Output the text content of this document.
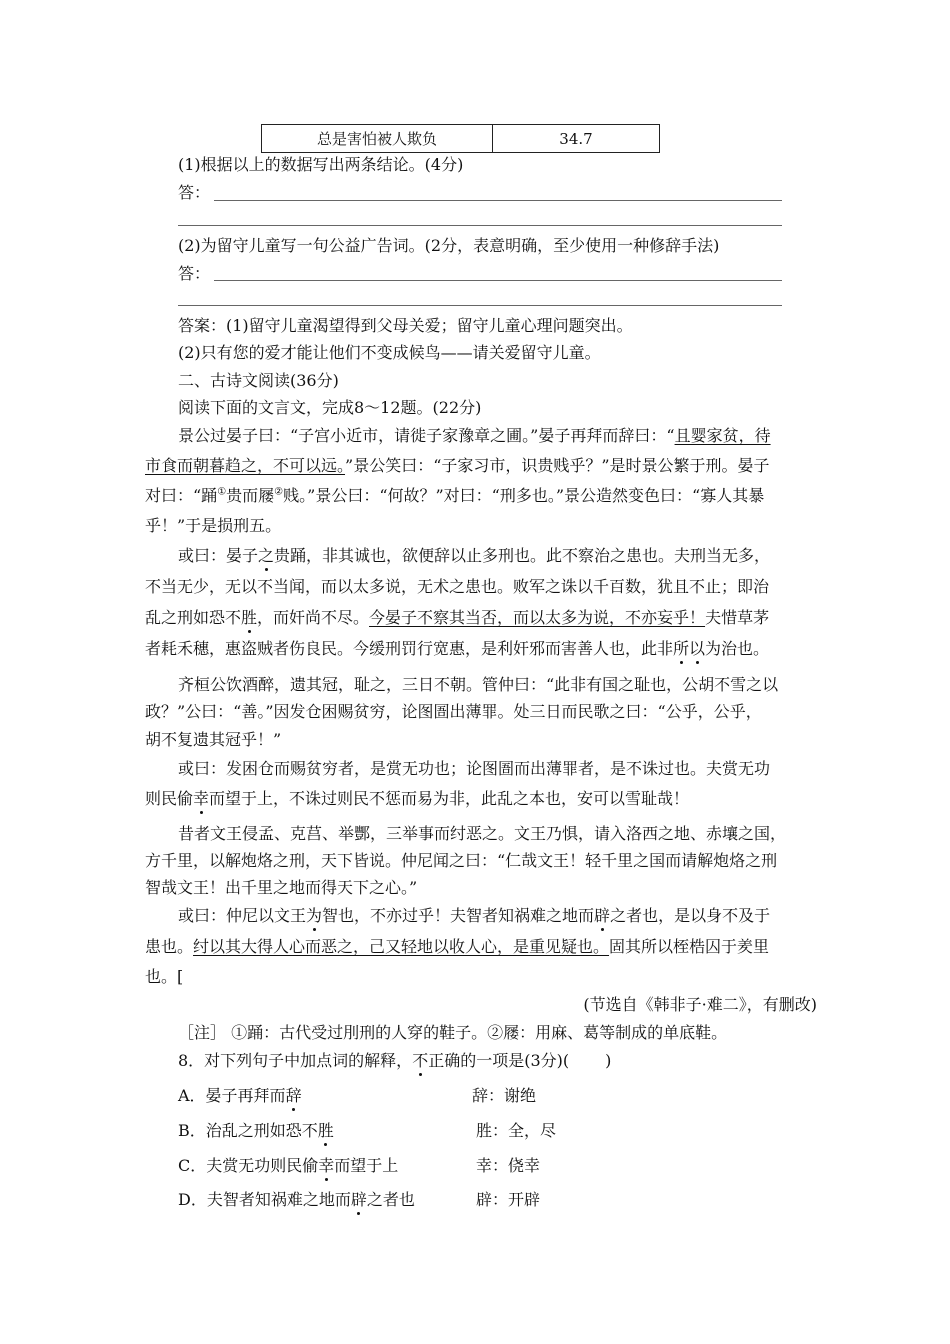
总是害怕被人欺负	34.7
(1)根据以上的数据写出两条结论。(4分)
答：
(2)为留守儿童写一句公益广告词。(2分，表意明确，至少使用一种修辞手法)
答：
答案：(1)留守儿童渴望得到父母关爱；留守儿童心理问题突出。
(2)只有您的爱才能让他们不变成候鸟——请关爱留守儿童。
二、古诗文阅读(36分)
阅读下面的文言文，完成8～12题。(22分)
景公过晏子曰：“子宫小近市，请徙子家豫章之圃。”晏子再拜而辞曰：“且婴家贫，待
市食而朝暮趋之，不可以远。”景公笑曰：“子家习市，识贵贱乎？”是时景公繁于刑。晏子
对曰：“踊①贵而屦②贱。”景公曰：“何故？”对曰：“刑多也。”景公造然变色曰：“寡人其暴
乎！”于是损刑五。
或曰：晏子之贵踊，非其诚也，欲便辞以止多刑也。此不察治之患也。夫刑当无多，
不当无少，无以不当闻，而以太多说，无术之患也。败军之诛以千百数，犹且不止；即治
乱之刑如恐不胜，而奸尚不尽。今晏子不察其当否，而以太多为说，不亦妄乎！夫惜草茅
者耗禾穗，惠盗贼者伤良民。今缓刑罚行宽惠，是利奸邪而害善人也，此非所以为治也。
齐桓公饮酒醉，遗其冠，耻之，三日不朝。管仲曰：“此非有国之耻也，公胡不雪之以
政？”公曰：“善。”因发仓困赐贫穷，论图圄出薄罪。处三日而民歌之曰：“公乎，公乎，
胡不复遗其冠乎！”
或曰：发困仓而赐贫穷者，是赏无功也；论图圄而出薄罪者，是不诛过也。夫赏无功
则民偷幸而望于上，不诛过则民不惩而易为非，此乱之本也，安可以雪耻哉！
昔者文王侵孟、克莒、举酆，三举事而纣恶之。文王乃惧，请入洛西之地、赤壤之国，
方千里，以解炮烙之刑，天下皆说。仲尼闻之曰：“仁哉文王！轻千里之国而请解炮烙之刑
智哉文王！出千里之地而得天下之心。”
或曰：仲尼以文王为智也，不亦过乎！夫智者知祸难之地而辟之者也，是以身不及于
患也。纣以其大得人心而恶之，己又轻地以收人心，是重见疑也。固其所以桎梏囚于羑里
也。[
(节选自《韩非子·难二》，有删改)
［注］ ①踊：古代受过刖刑的人穿的鞋子。②屦：用麻、葛等制成的单底鞋。
8．对下列句子中加点词的解释，不正确的一项是(3分)( )
A．晏子再拜而辞	辞：谢绝
B．治乱之刑如恐不胜	胜：全，尽
C．夫赏无功则民偷幸而望于上	幸：侥幸
D．夫智者知祸难之地而辟之者也	辟：开辟
